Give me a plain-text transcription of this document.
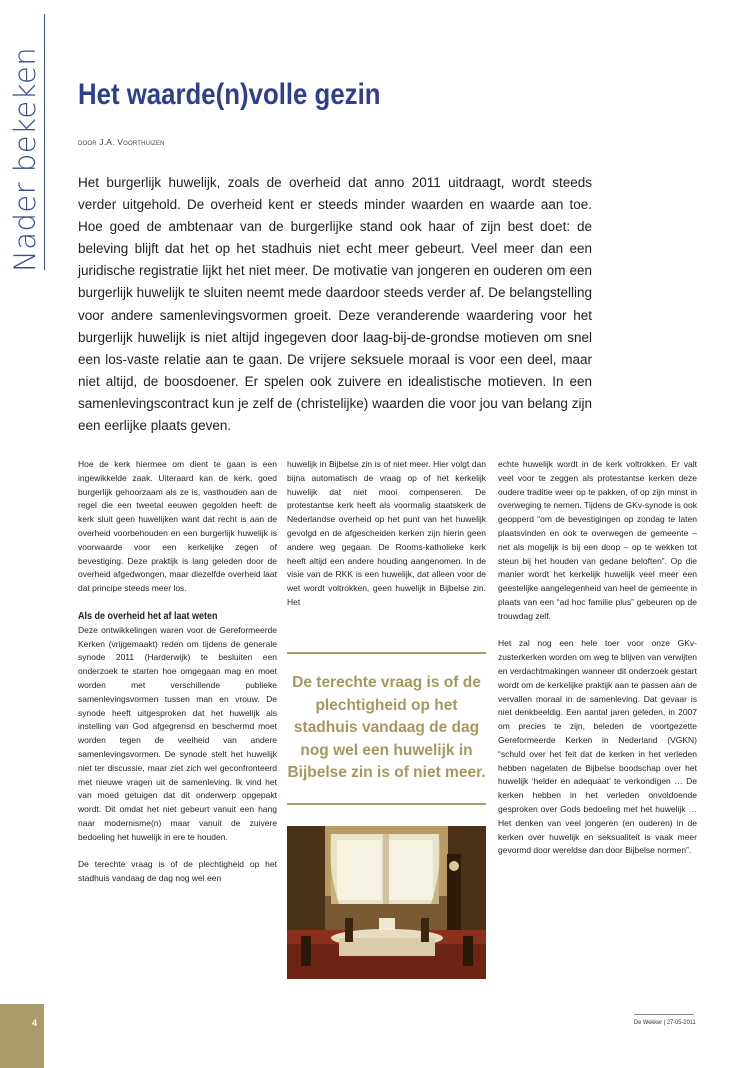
Nader bekeken Het waarde(n)volle gezin
door J.A. Voorthuizen

Het burgerlijk huwelijk, zoals de overheid dat anno 2011 uitdraagt, wordt steeds verder uitgehold. De overheid kent er steeds minder waarden en waarde aan toe. Hoe goed de ambtenaar van de burgerlijke stand ook haar of zijn best doet: de beleving blijft dat het op het stadhuis niet echt meer gebeurt. Veel meer dan een juridische registratie lijkt het niet meer. De motivatie van jongeren en ouderen om een burgerlijk huwelijk te sluiten neemt mede daardoor steeds verder af. De belangstelling voor andere samenlevingsvormen groeit. Deze veranderende waardering voor het burgerlijk huwelijk is niet altijd ingegeven door laag-bij-de-grondse motieven om snel een los-vaste relatie aan te gaan. De vrijere seksuele moraal is voor een deel, maar niet altijd, de boosdoener. Er spelen ook zuivere en idealistische motieven. In een samenlevingscontract kun je zelf de (christelijke) waarden die voor jou van belang zijn een eerlijke plaats geven.

Hoe de kerk hiermee om dient te gaan is een ingewikkelde zaak. Uiteraard kan de kerk, goed burgerlijk gehoorzaam als ze is, vasthouden aan de regel die een tweetal eeuwen gegolden heeft: de kerk sluit geen huwelijken want dat recht is aan de overheid voorbehouden en een burgerlijk huwelijk is voorwaarde voor een kerkelijke zegen of bevestiging. Deze praktijk is lang geleden door de overheid afgedwongen, maar diezelfde overheid laat dat principe steeds meer los.

Als de overheid het af laat weten

Deze ontwikkelingen waren voor de Gereformeerde Kerken (vrijgemaakt) reden om tijdens de generale synode 2011 (Harderwijk) te besluiten een onderzoek te starten hoe omgegaan mag en moet worden met verschillende publieke samenlevingsvormen tussen man en vrouw. De synode heeft uitgesproken dat het huwelijk als instelling van God afgegrensd en beschermd moet worden tegen de veelheid van andere samenlevingsvormen. De synode stelt het huwelijk niet ter discussie, maar ziet zich wel geconfronteerd met nieuwe vragen uit de samenleving. Ik vind het van moed getuigen dat dit onderwerp opgepakt wordt. Dit omdat het niet gebeurt vanuit een hang naar modernisme(n) maar vanuit de zuivere bedoeling het huwelijk in ere te houden.

De terechte vraag is of de plechtigheid op het stadhuis vandaag de dag nog wel een

huwelijk in Bijbelse zin is of niet meer. Hier volgt dan bijna automatisch de vraag op of het kerkelijk huwelijk dat niet mooi compenseren. De protestantse kerk heeft als voormalig staatskerk de Nederlandse overheid op het punt van het huwelijk gevolgd en de afgescheiden kerken zijn hierin geen andere weg gegaan. De Rooms-katholieke kerk heeft altijd een andere houding aangenomen. In de visie van de RKK is een huwelijk, dat alleen voor de wet wordt voltrokken, geen huwelijk in Bijbelse zin. Het

De terechte vraag is of de plechtigheid op het stadhuis vandaag de dag nog wel een huwelijk in Bijbelse zin is of niet meer.

echte huwelijk wordt in de kerk voltrokken. Er valt veel voor te zeggen als protestantse kerken deze oudere traditie weer op te pakken, of op zijn minst in overweging te nemen. Tijdens de GKv-synode is ook geopperd “om de bevestigingen op zondag te laten plaatsvinden en ook te overwegen de gemeente – net als mogelijk is bij een doop – op te wekken tot steun bij het houden van gedane beloften”. Op die manier wordt het kerkelijk huwelijk veel meer een geestelijke aangelegenheid van heel de gemeente in plaats van een “ad hoc familie plus” gebeuren op de trouwdag zelf.

Het zal nog een hele toer voor onze GKv-zusterkerken worden om weg te blijven van verwijten en verdachtmakingen wanneer dit onderzoek gestart wordt om de kerkelijke praktijk aan te passen aan de vervallen moraal in de samenleving. Dat gevaar is niet denkbeeldig. Een aantal jaren geleden, in 2007 om precies te zijn, beleden de voortgezette Gereformeerde Kerken in Nederland (VGKN) “schuld over het feit dat de kerken in het verleden hebben nagelaten de Bijbelse boodschap over het huwelijk ‘helder en adequaat’ te verkondigen … De kerken hebben in het verleden onvoldoende gesproken over Gods bedoeling met het huwelijk … Het denken van veel jongeren (en ouderen) in de kerken over huwelijk en seksualiteit is vaak meer gevormd door wereldse dan door Bijbelse normen”.

4	De Wekker | 27-05-2011
